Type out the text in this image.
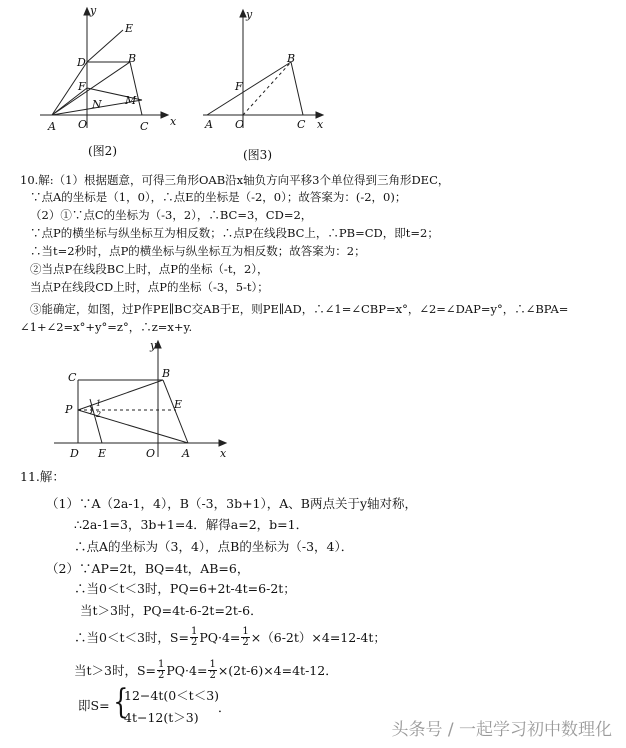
y
x
E
D	B
F
M
N
A O	C
(图2)
y
x
B
F
A O	C
(图3)
10.解:（1）根据题意，可得三角形OAB沿x轴负方向平移3个单位得到三角形DEC，
∵点A的坐标是（1，0），∴点E的坐标是（-2，0）；故答案为：(-2，0)；
（2）①∵点C的坐标为（-3，2），∴BC=3，CD=2，
∵点P的横坐标与纵坐标互为相反数；∴点P在线段BC上，∴PB=CD，即t=2；
∴当t=2秒时，点P的横坐标与纵坐标互为相反数；故答案为：2；
②当点P在线段BC上时，点P的坐标（-t，2），
当点P在线段CD上时，点P的坐标（-3，5-t）；
③能确定，如图，过P作PE∥BC交AB于E，则PE∥AD，∴∠1=∠CBP=x°，∠2=∠DAP=y°，∴∠BPA=
∠1+∠2=x°+y°=z°，∴z=x+y.
y
x
C	B
P	E
D E	O A
1
2
11.解：
（1）∵A（2a-1，4），B（-3，3b+1），A、B两点关于y轴对称，
∴2a-1=3，3b+1=4．解得a=2，b=1．
∴点A的坐标为（3，4），点B的坐标为（-3，4）．
（2）∵AP=2t，BQ=4t，AB=6，
∴当0＜t＜3时，PQ=6+2t-4t=6-2t；
当t＞3时，PQ=4t-6-2t=2t-6．
∴当0＜t＜3时，$S= \frac{1}{2} PQ\cdot 4= \frac{1}{2} \times(6-2t)\times 4=12-4t$；
当t＞3时，$S= \frac{1}{2} PQ\cdot 4= \frac{1}{2} \times(2t-6)\times 4=4t-12$．
即S= {
12−4t(0＜t＜3)
4t−12(t＞3)
．
头条号 / 一起学习初中数理化
